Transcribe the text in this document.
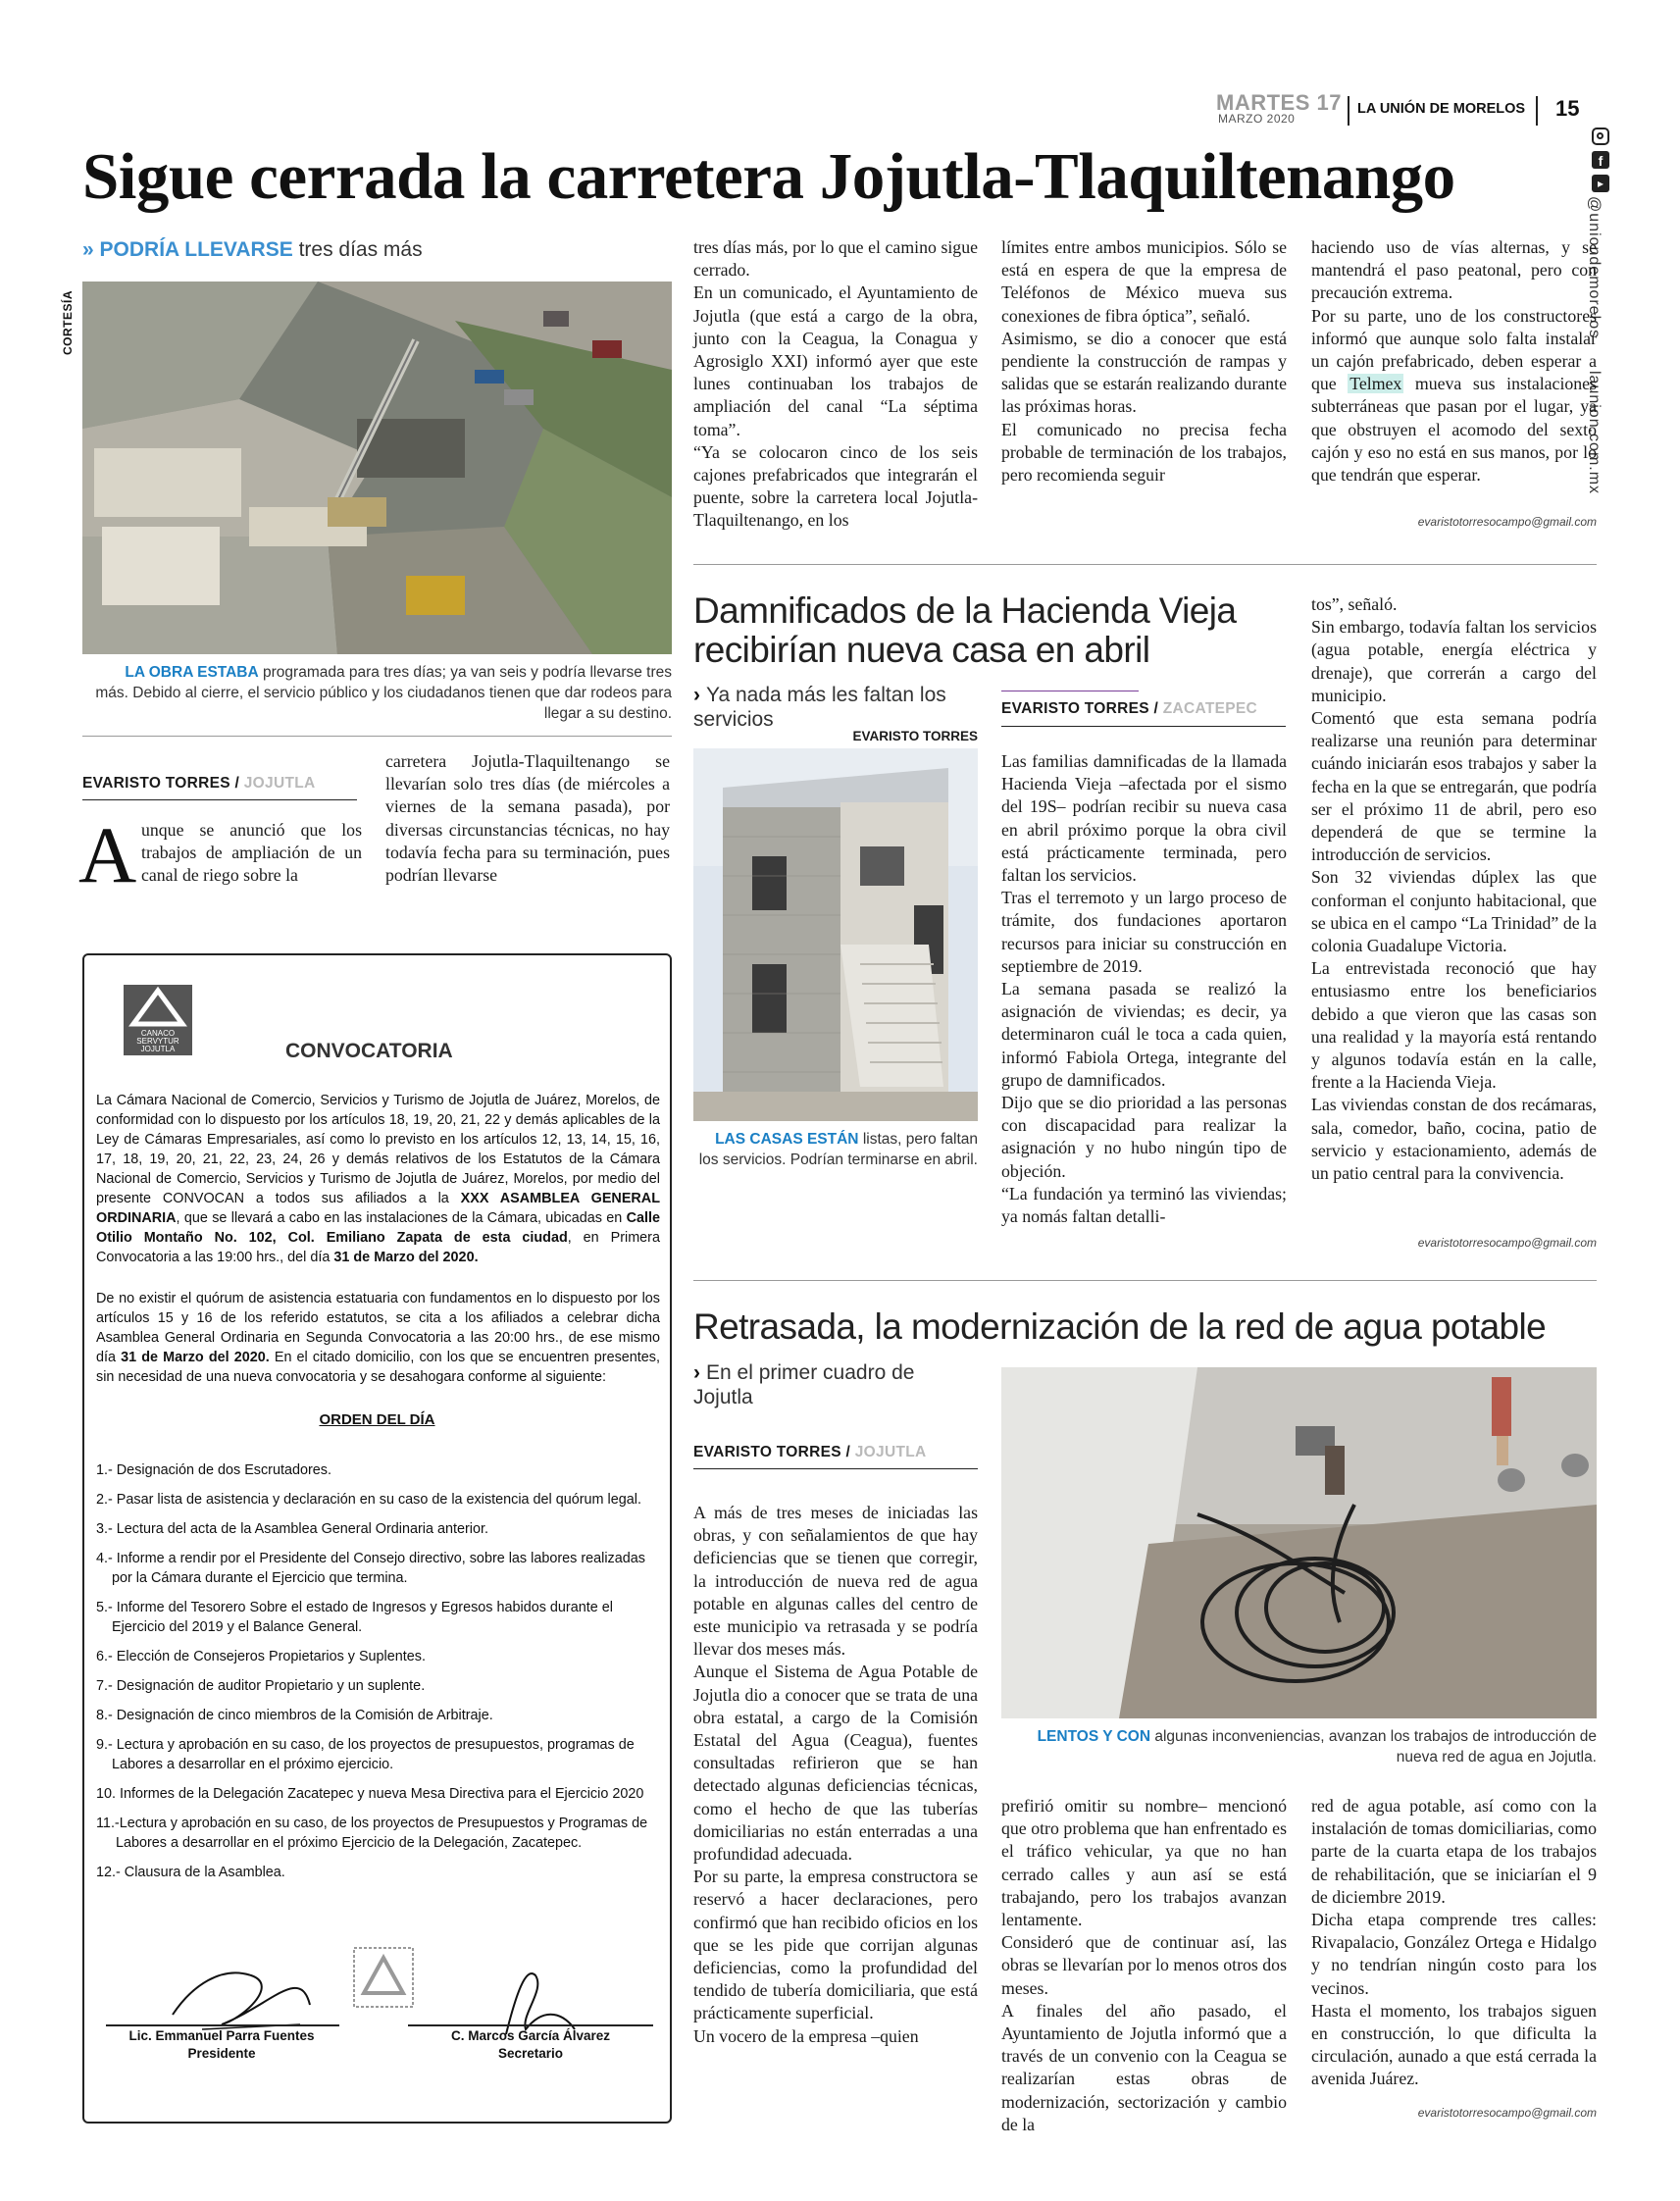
MARTES 17
MARZO 2020
LA UNIÓN DE MORELOS 15
f
▸
@uniondemorelos
launion.com.mx
Sigue cerrada la carretera Jojutla-Tlaquiltenango
» PODRÍA LLEVARSE tres días más
CORTESÍA
LA OBRA ESTABA programada para tres días; ya van seis y podría llevarse tres más. Debido al cierre, el servicio público y los ciudadanos tienen que dar rodeos para llegar a su destino.
EVARISTO TORRES / JOJUTLA
A unque se anunció que los trabajos de ampliación de un canal de riego sobre la
carretera Jojutla-Tlaquiltenango se llevarían solo tres días (de miércoles a viernes de la semana pasada), por diversas circunstancias técnicas, no hay todavía fecha para su terminación, pues podrían llevarse

tres días más, por lo que el camino sigue cerrado.

En un comunicado, el Ayuntamiento de Jojutla (que está a cargo de la obra, junto con la Ceagua, la Conagua y Agrosiglo XXI) informó ayer que este lunes continuaban los trabajos de ampliación del canal “La séptima toma”.

“Ya se colocaron cinco de los seis cajones prefabricados que integrarán el puente, sobre la carretera local Jojutla-Tlaquiltenango, en los

límites entre ambos municipios. Sólo se está en espera de que la empresa de Teléfonos de México mueva sus conexiones de fibra óptica”, señaló.

Asimismo, se dio a conocer que está pendiente la construcción de rampas y salidas que se estarán realizando durante las próximas horas.

El comunicado no precisa fecha probable de terminación de los trabajos, pero recomienda seguir

haciendo uso de vías alternas, y se mantendrá el paso peatonal, pero con precaución extrema.

Por su parte, uno de los constructores informó que aunque solo falta instalar un cajón prefabricado, deben esperar a que Telmex mueva sus instalaciones subterráneas que pasan por el lugar, ya que obstruyen el acomodo del sexto cajón y eso no está en sus manos, por lo que tendrán que esperar.

evaristotorresocampo@gmail.com
CANACO
SERVYTUR
JOJUTLA	CONVOCATORIA
La Cámara Nacional de Comercio, Servicios y Turismo de Jojutla de Juárez, Morelos, de conformidad con lo dispuesto por los artículos 18, 19, 20, 21, 22 y demás aplicables de la Ley de Cámaras Empresariales, así como lo previsto en los artículos 12, 13, 14, 15, 16, 17, 18, 19, 20, 21, 22, 23, 24, 26 y demás relativos de los Estatutos de la Cámara Nacional de Comercio, Servicios y Turismo de Jojutla de Juárez, Morelos, por medio del presente CONVOCAN a todos sus afiliados a la XXX ASAMBLEA GENERAL ORDINARIA, que se llevará a cabo en las instalaciones de la Cámara, ubicadas en Calle Otilio Montaño No. 102, Col. Emiliano Zapata de esta ciudad, en Primera Convocatoria a las 19:00 hrs., del día 31 de Marzo del 2020.
De no existir el quórum de asistencia estatuaria con fundamentos en lo dispuesto por los artículos 15 y 16 de los referido estatutos, se cita a los afiliados a celebrar dicha Asamblea General Ordinaria en Segunda Convocatoria a las 20:00 hrs., de ese mismo día 31 de Marzo del 2020. En el citado domicilio, con los que se encuentren presentes, sin necesidad de una nueva convocatoria y se desahogara conforme al siguiente:
ORDEN DEL DÍA
1.- Designación de dos Escrutadores.
2.- Pasar lista de asistencia y declaración en su caso de la existencia del quórum legal.
3.- Lectura del acta de la Asamblea General Ordinaria anterior.
4.- Informe a rendir por el Presidente del Consejo directivo, sobre las labores realizadas por la Cámara durante el Ejercicio que termina.
5.- Informe del Tesorero Sobre el estado de Ingresos y Egresos habidos durante el Ejercicio del 2019 y el Balance General.
6.- Elección de Consejeros Propietarios y Suplentes.
7.- Designación de auditor Propietario y un suplente.
8.- Designación de cinco miembros de la Comisión de Arbitraje.
9.- Lectura y aprobación en su caso, de los proyectos de presupuestos, programas de Labores a desarrollar en el próximo ejercicio.
10. Informes de la Delegación Zacatepec y nueva Mesa Directiva para el Ejercicio 2020
11.-Lectura y aprobación en su caso, de los proyectos de Presupuestos y Programas de Labores a desarrollar en el próximo Ejercicio de la Delegación, Zacatepec.
12.- Clausura de la Asamblea.
Lic. Emmanuel Parra Fuentes
Presidente
C. Marcos García Álvarez
Secretario
Damnificados de la Hacienda Vieja recibirían nueva casa en abril
› Ya nada más les faltan los servicios
EVARISTO TORRES
LAS CASAS ESTÁN listas, pero faltan los servicios. Podrían terminarse en abril.
EVARISTO TORRES / ZACATEPEC

Las familias damnificadas de la llamada Hacienda Vieja –afectada por el sismo del 19S– podrían recibir su nueva casa en abril próximo porque la obra civil está prácticamente terminada, pero faltan los servicios.

Tras el terremoto y un largo proceso de trámite, dos fundaciones aportaron recursos para iniciar su construcción en septiembre de 2019.

La semana pasada se realizó la asignación de viviendas; es decir, ya determinaron cuál le toca a cada quien, informó Fabiola Ortega, integrante del grupo de damnificados.

Dijo que se dio prioridad a las personas con discapacidad para realizar la asignación y no hubo ningún tipo de objeción.

“La fundación ya terminó las viviendas; ya nomás faltan detalli-

tos”, señaló.

Sin embargo, todavía faltan los servicios (agua potable, energía eléctrica y drenaje), que correrán a cargo del municipio.

Comentó que esta semana podría realizarse una reunión para determinar cuándo iniciarán esos trabajos y saber la fecha en la que se entregarán, que podría ser el próximo 11 de abril, pero eso dependerá de que se termine la introducción de servicios.

Son 32 viviendas dúplex las que conforman el conjunto habitacional, que se ubica en el campo “La Trinidad” de la colonia Guadalupe Victoria.

La entrevistada reconoció que hay entusiasmo entre los beneficiarios debido a que vieron que las casas son una realidad y la mayoría está rentando y algunos todavía están en la calle, frente a la Hacienda Vieja.

Las viviendas constan de dos recámaras, sala, comedor, baño, cocina, patio de servicio y estacionamiento, además de un patio central para la convivencia.

evaristotorresocampo@gmail.com
Retrasada, la modernización de la red de agua potable
› En el primer cuadro de Jojutla
EVARISTO TORRES / JOJUTLA
LENTOS Y CON algunas inconveniencias, avanzan los trabajos de introducción de nueva red de agua en Jojutla.

A más de tres meses de iniciadas las obras, y con señalamientos de que hay deficiencias que se tienen que corregir, la introducción de nueva red de agua potable en algunas calles del centro de este municipio va retrasada y se podría llevar dos meses más.

Aunque el Sistema de Agua Potable de Jojutla dio a conocer que se trata de una obra estatal, a cargo de la Comisión Estatal del Agua (Ceagua), fuentes consultadas refirieron que se han detectado algunas deficiencias técnicas, como el hecho de que las tuberías domiciliarias no están enterradas a una profundidad adecuada.

Por su parte, la empresa constructora se reservó a hacer declaraciones, pero confirmó que han recibido oficios en los que se les pide que corrijan algunas deficiencias, como la profundidad del tendido de tubería domiciliaria, que está prácticamente superficial.

Un vocero de la empresa –quien

prefirió omitir su nombre– mencionó que otro problema que han enfrentado es el tráfico vehicular, ya que no han cerrado calles y aun así se está trabajando, pero los trabajos avanzan lentamente.

Consideró que de continuar así, las obras se llevarían por lo menos otros dos meses.

A finales del año pasado, el Ayuntamiento de Jojutla informó que a través de un convenio con la Ceagua se realizarían estas obras de modernización, sectorización y cambio de la

red de agua potable, así como con la instalación de tomas domiciliarias, como parte de la cuarta etapa de los trabajos de rehabilitación, que se iniciarían el 9 de diciembre 2019.

Dicha etapa comprende tres calles: Rivapalacio, González Ortega e Hidalgo y no tendrían ningún costo para los vecinos.

Hasta el momento, los trabajos siguen en construcción, lo que dificulta la circulación, aunado a que está cerrada la avenida Juárez.

evaristotorresocampo@gmail.com
